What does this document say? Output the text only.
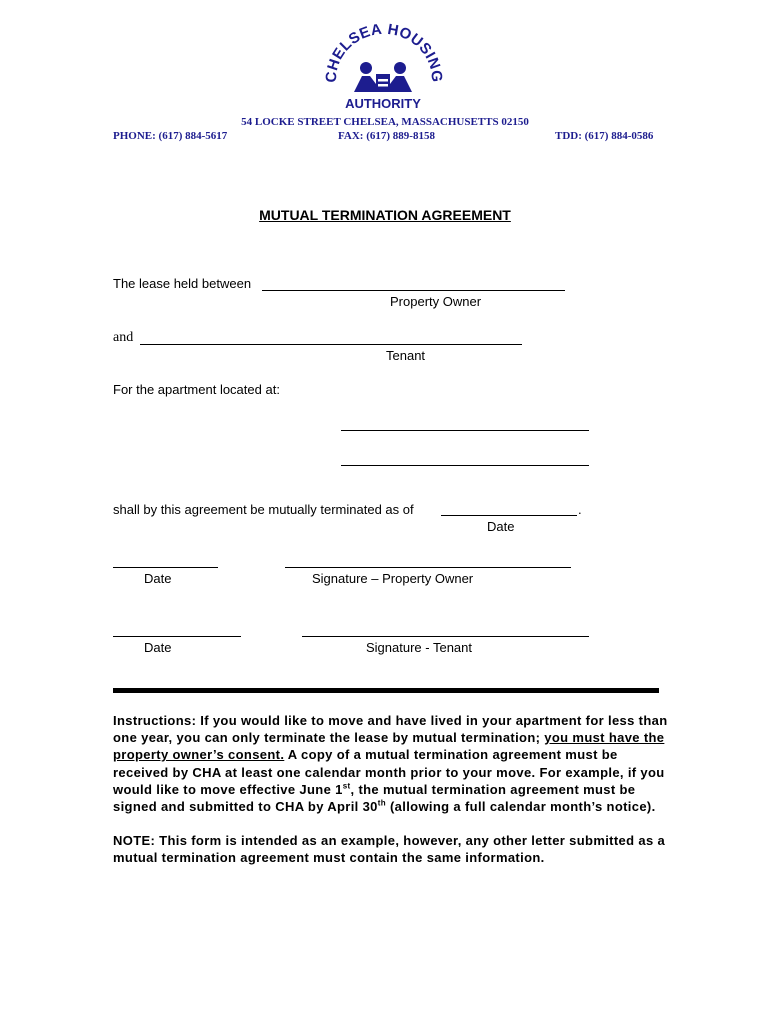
CHELSEA HOUSING
AUTHORITY
54 LOCKE STREET CHELSEA, MASSACHUSETTS 02150
PHONE: (617) 884-5617	FAX: (617) 889-8158	TDD: (617) 884-0586
MUTUAL TERMINATION AGREEMENT
The lease held between
Property Owner
and
Tenant
For the apartment located at:
shall by this agreement be mutually terminated as of	.
Date
Date	Signature – Property Owner
Date	Signature - Tenant

Instructions: If you would like to move and have lived in your apartment for less than one year, you can only terminate the lease by mutual termination; you must have the property owner’s consent. A copy of a mutual termination agreement must be received by CHA at least one calendar month prior to your move. For example, if you would like to move effective June 1st, the mutual termination agreement must be signed and submitted to CHA by April 30th (allowing a full calendar month’s notice).

NOTE: This form is intended as an example, however, any other letter submitted as a mutual termination agreement must contain the same information.
